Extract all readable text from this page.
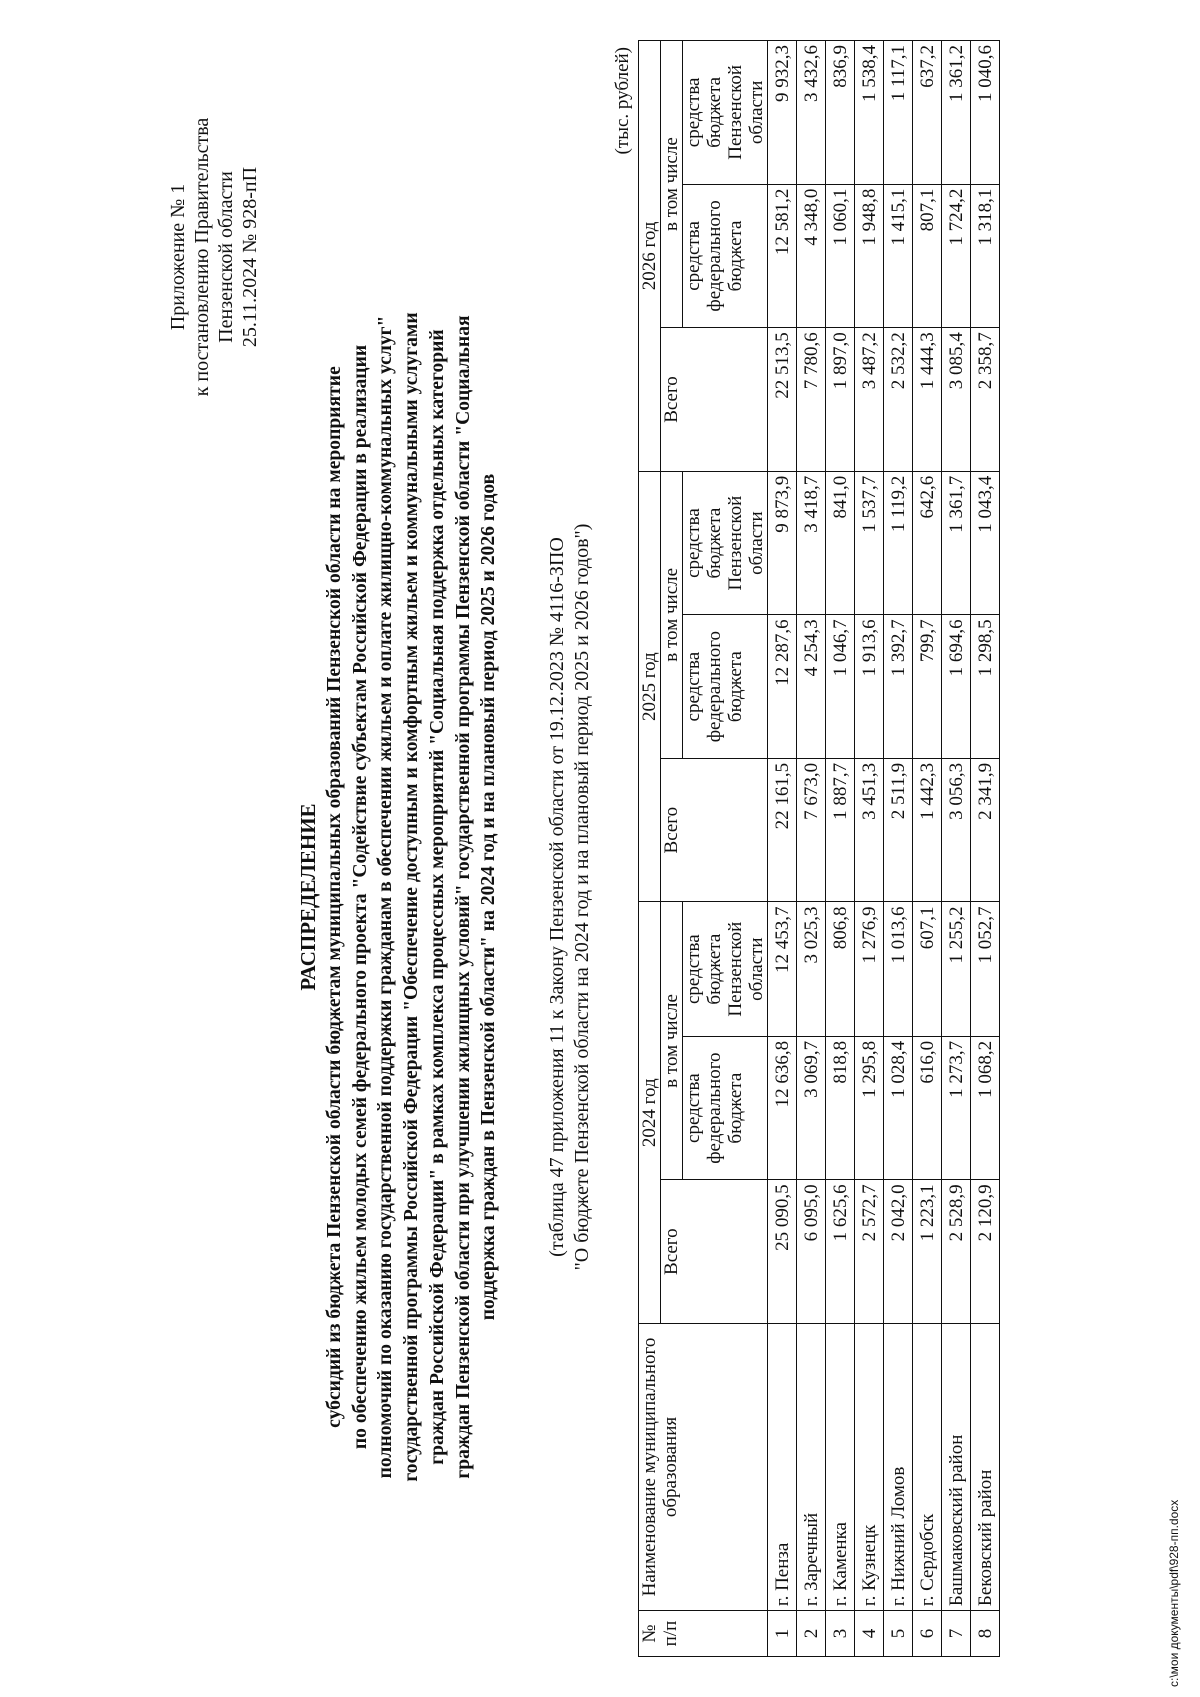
Приложение № 1 к постановлению Правительства Пензенской области 25.11.2024 № 928-пП
РАСПРЕДЕЛЕНИЕ субсидий из бюджета Пензенской области бюджетам муниципальных образований Пензенской области на мероприятие по обеспечению жильем молодых семей федерального проекта "Содействие субъектам Российской Федерации в реализации полномочий по оказанию государственной поддержки гражданам в обеспечении жильем и оплате жилищно-коммунальных услуг" государственной программы Российской Федерации "Обеспечение доступным и комфортным жильем и коммунальными услугами граждан Российской Федерации" в рамках комплекса процессных мероприятий "Социальная поддержка отдельных категорий граждан Пензенской области при улучшении жилищных условий" государственной программы Пензенской области "Социальная поддержка граждан в Пензенской области" на 2024 год и на плановый период 2025 и 2026 годов (таблица 47 приложения 11 к Закону Пензенской области от 19.12.2023 № 4116-ЗПО "О бюджете Пензенской области на 2024 год и на плановый период 2025 и 2026 годов")
(тыс. рублей)
№ п/п	Наименование муниципального образования	2024 год			2025 год			2026 год		
		Всего	в том числе		Всего	в том числе		Всего	в том числе	
			средства федерального бюджета	средства бюджета Пензенской области		средства федерального бюджета	средства бюджета Пензенской области		средства федерального бюджета	средства бюджета Пензенской области
1	г. Пенза	25 090,5	12 636,8	12 453,7	22 161,5	12 287,6	9 873,9	22 513,5	12 581,2	9 932,3
2	г. Заречный	6 095,0	3 069,7	3 025,3	7 673,0	4 254,3	3 418,7	7 780,6	4 348,0	3 432,6
3	г. Каменка	1 625,6	818,8	806,8	1 887,7	1 046,7	841,0	1 897,0	1 060,1	836,9
4	г. Кузнецк	2 572,7	1 295,8	1 276,9	3 451,3	1 913,6	1 537,7	3 487,2	1 948,8	1 538,4
5	г. Нижний Ломов	2 042,0	1 028,4	1 013,6	2 511,9	1 392,7	1 119,2	2 532,2	1 415,1	1 117,1
6	г. Сердобск	1 223,1	616,0	607,1	1 442,3	799,7	642,6	1 444,3	807,1	637,2
7	Башмаковский район	2 528,9	1 273,7	1 255,2	3 056,3	1 694,6	1 361,7	3 085,4	1 724,2	1 361,2
8	Бековский район	2 120,9	1 068,2	1 052,7	2 341,9	1 298,5	1 043,4	2 358,7	1 318,1	1 040,6
c:\мои документы\pdf\928-пп.docx
